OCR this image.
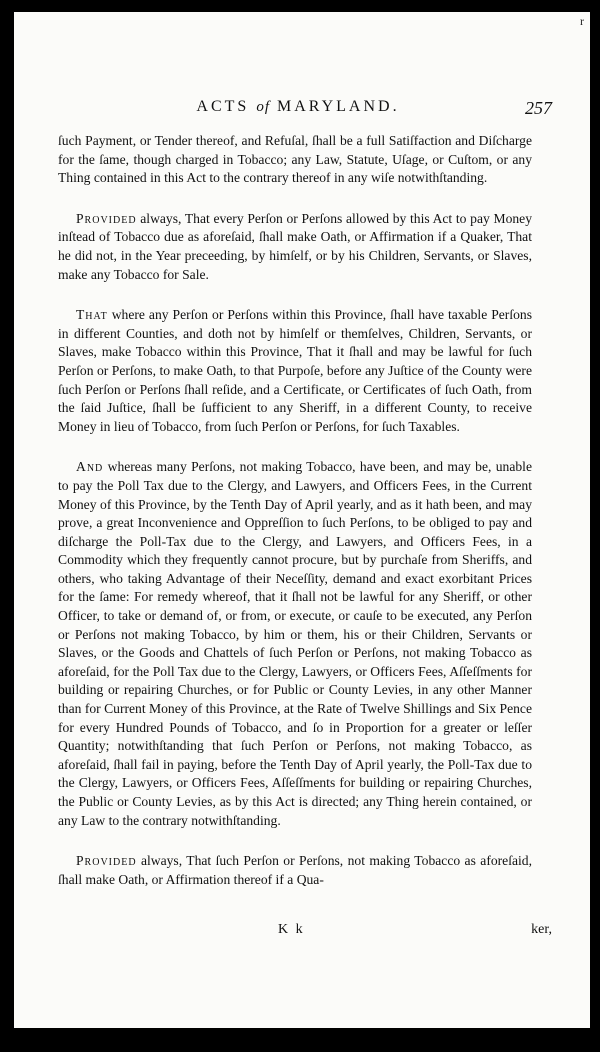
r
ACTS of MARYLAND.	257

ſuch Payment, or Tender thereof, and Refuſal, ſhall be a full Satiſfaction and Diſcharge for the ſame, though charged in Tobacco; any Law, Statute, Uſage, or Cuſtom, or any Thing contained in this Act to the contrary thereof in any wiſe notwithſtanding.

Provided always, That every Perſon or Perſons allowed by this Act to pay Money inſtead of Tobacco due as aforeſaid, ſhall make Oath, or Affirmation if a Quaker, That he did not, in the Year preceeding, by himſelf, or by his Children, Servants, or Slaves, make any Tobacco for Sale.

That where any Perſon or Perſons within this Province, ſhall have taxable Perſons in different Counties, and doth not by himſelf or themſelves, Children, Servants, or Slaves, make Tobacco within this Province, That it ſhall and may be lawful for ſuch Perſon or Perſons, to make Oath, to that Purpoſe, before any Juſtice of the County were ſuch Perſon or Perſons ſhall reſide, and a Certificate, or Certificates of ſuch Oath, from the ſaid Juſtice, ſhall be ſufficient to any Sheriff, in a different County, to receive Money in lieu of Tobacco, from ſuch Perſon or Perſons, for ſuch Taxables.

And whereas many Perſons, not making Tobacco, have been, and may be, unable to pay the Poll Tax due to the Clergy, and Lawyers, and Officers Fees, in the Current Money of this Province, by the Tenth Day of April yearly, and as it hath been, and may prove, a great Inconvenience and Oppreſſion to ſuch Perſons, to be obliged to pay and diſcharge the Poll-Tax due to the Clergy, and Lawyers, and Officers Fees, in a Commodity which they frequently cannot procure, but by purchaſe from Sheriffs, and others, who taking Advantage of their Neceſſity, demand and exact exorbitant Prices for the ſame: For remedy whereof, that it ſhall not be lawful for any Sheriff, or other Officer, to take or demand of, or from, or execute, or cauſe to be executed, any Perſon or Perſons not making Tobacco, by him or them, his or their Children, Servants or Slaves, or the Goods and Chattels of ſuch Perſon or Perſons, not making Tobacco as aforeſaid, for the Poll Tax due to the Clergy, Lawyers, or Officers Fees, Aſſeſſments for building or repairing Churches, or for Public or County Levies, in any other Manner than for Current Money of this Province, at the Rate of Twelve Shillings and Six Pence for every Hundred Pounds of Tobacco, and ſo in Proportion for a greater or leſſer Quantity; notwithſtanding that ſuch Perſon or Perſons, not making Tobacco, as aforeſaid, ſhall fail in paying, before the Tenth Day of April yearly, the Poll-Tax due to the Clergy, Lawyers, or Officers Fees, Aſſeſſments for building or repairing Churches, the Public or County Levies, as by this Act is directed; any Thing herein contained, or any Law to the contrary notwithſtanding.

Provided always, That ſuch Perſon or Perſons, not making Tobacco as aforeſaid, ſhall make Oath, or Affirmation thereof if a Qua-

K k	ker,
